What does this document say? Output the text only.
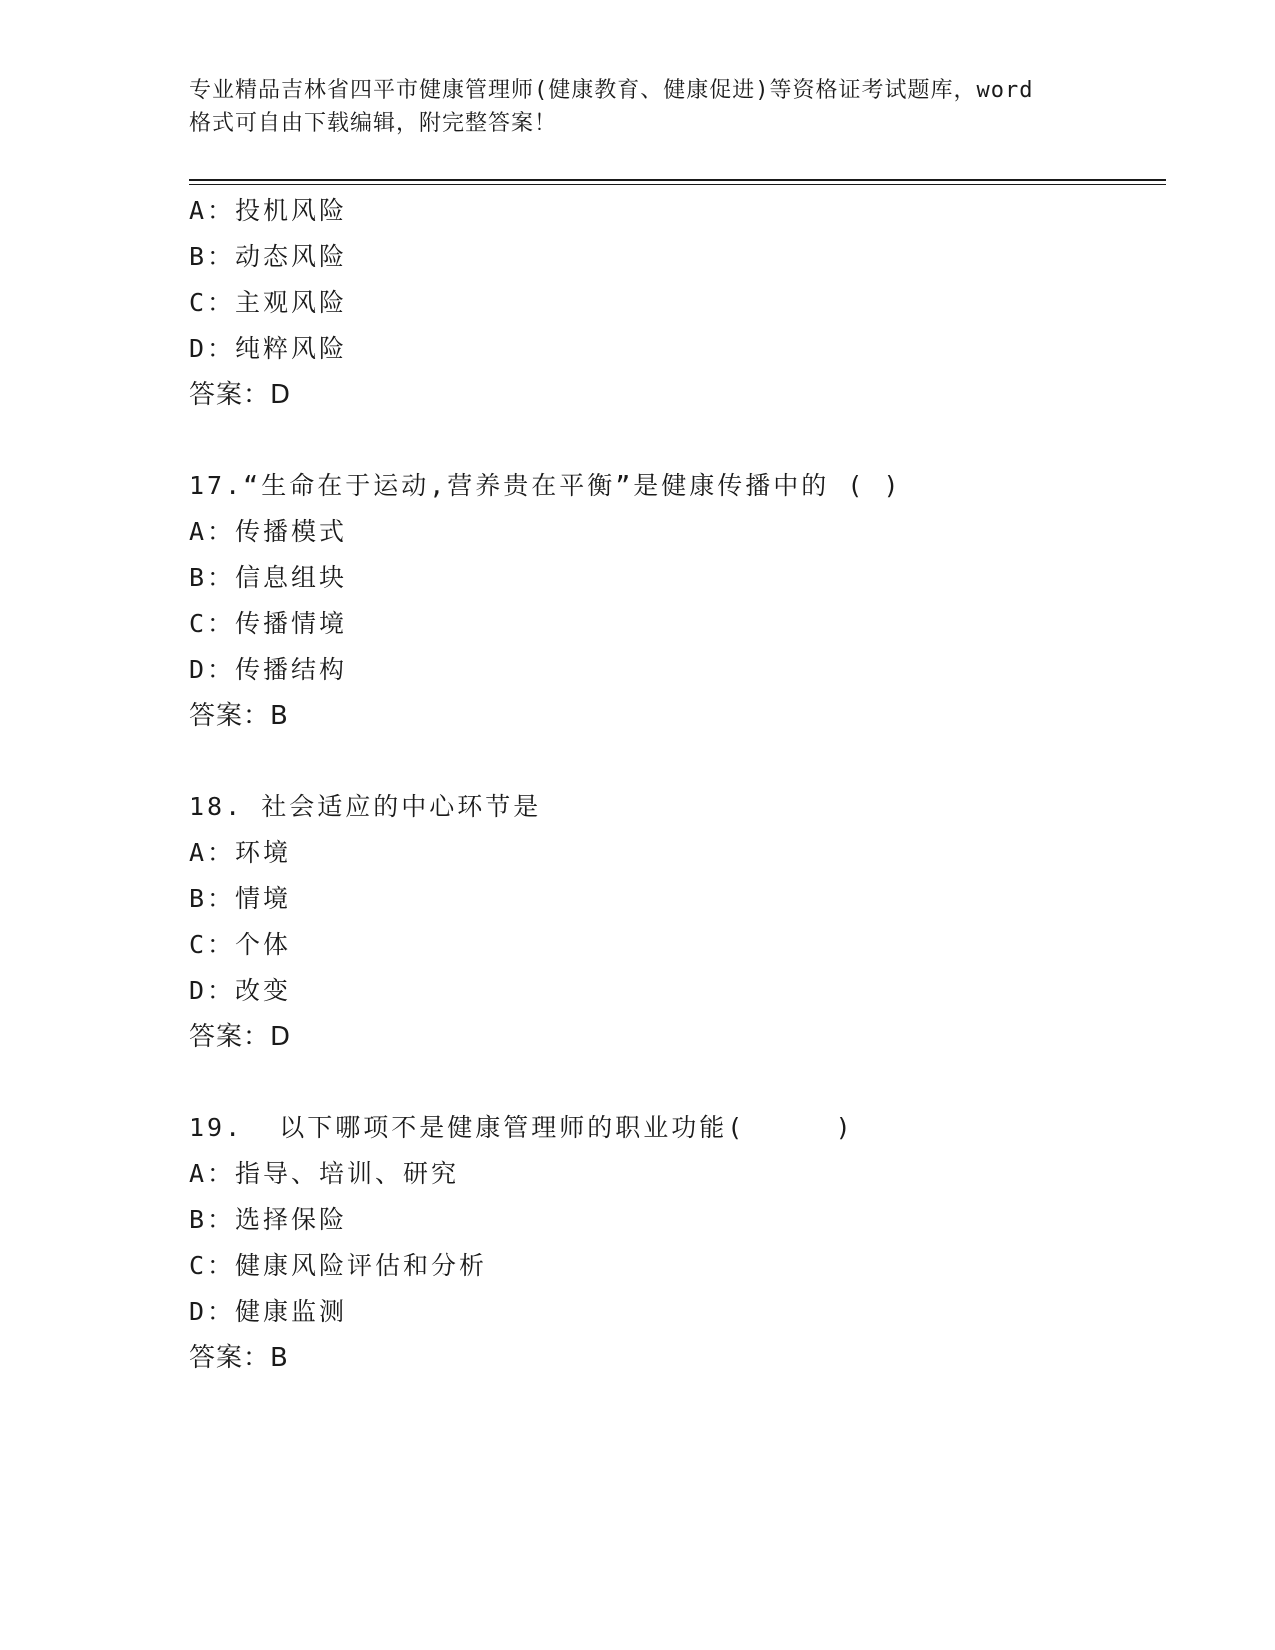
专业精品吉林省四平市健康管理师(健康教育、健康促进)等资格证考试题库，word
格式可自由下载编辑，附完整答案！
A：投机风险
B：动态风险
C：主观风险
D：纯粹风险
答案：D
17.“生命在于运动,营养贵在平衡”是健康传播中的 ( )
A：传播模式
B：信息组块
C：传播情境
D：传播结构
答案：B
18. 社会适应的中心环节是
A：环境
B：情境
C：个体
D：改变
答案：D
19.  以下哪项不是健康管理师的职业功能(     )
A：指导、培训、研究
B：选择保险
C：健康风险评估和分析
D：健康监测
答案：B
